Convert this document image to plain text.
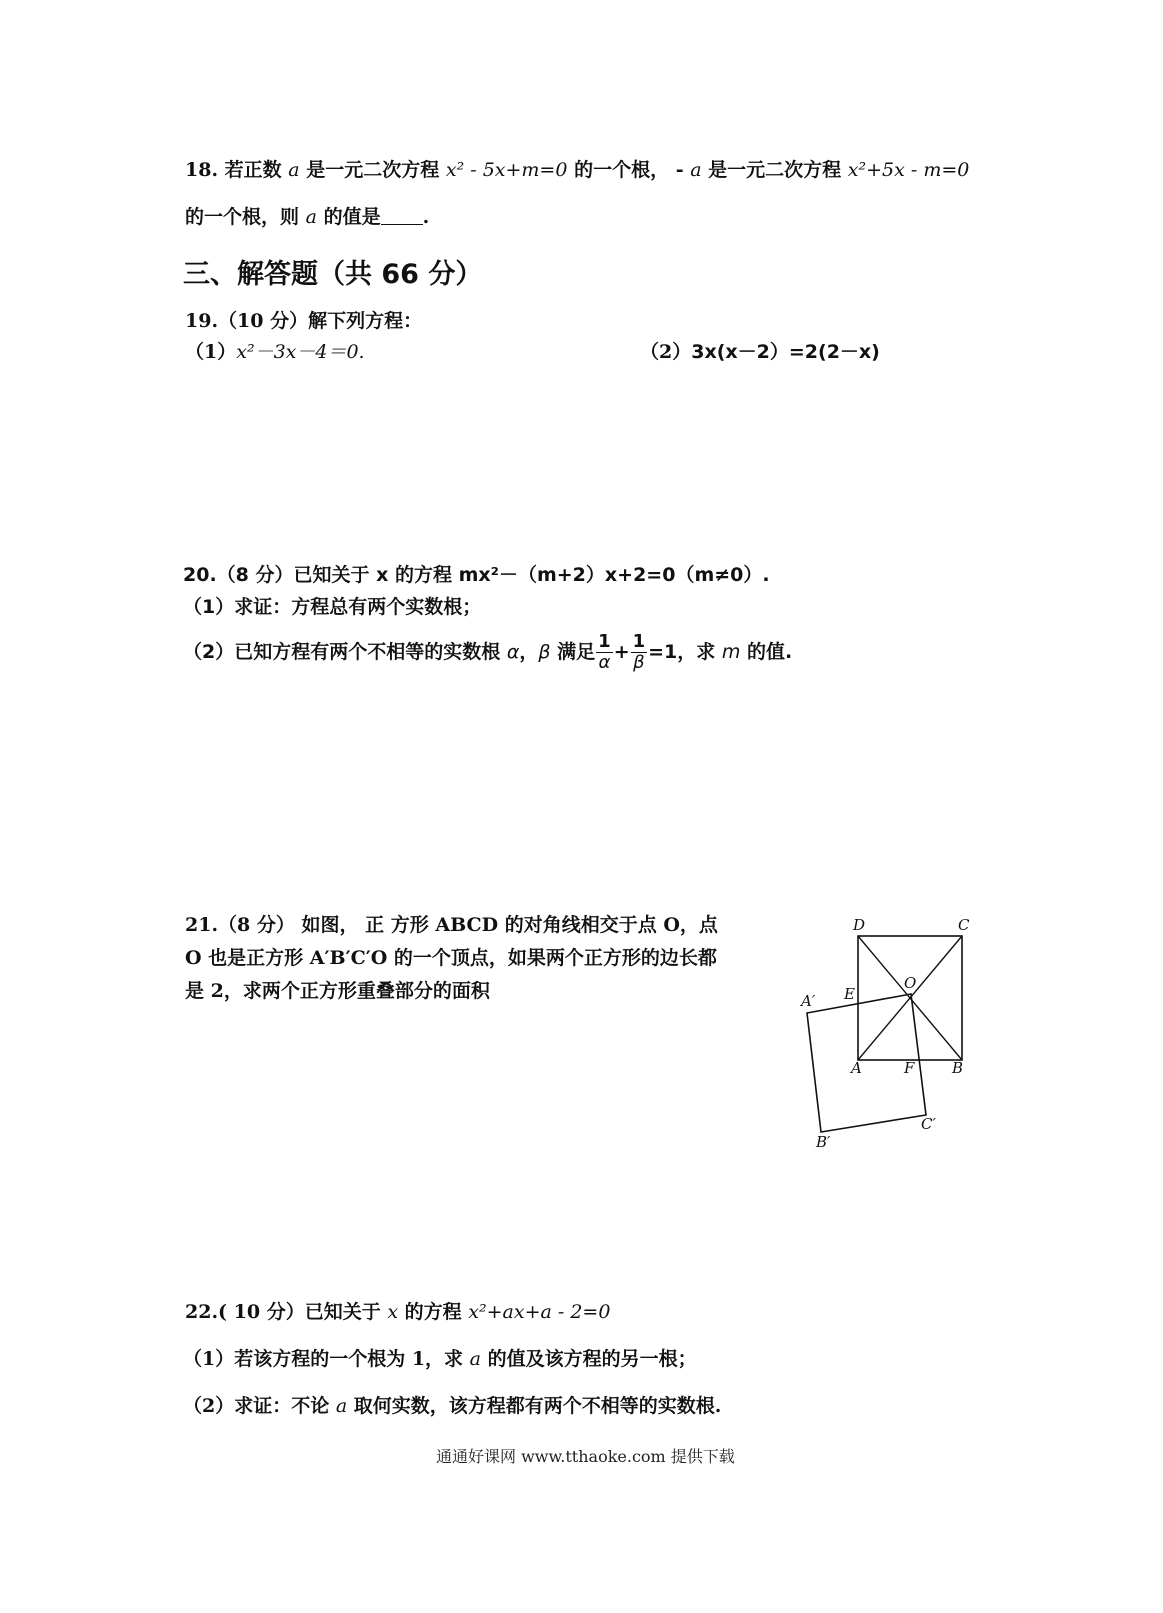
18. 若正数 a 是一元二次方程 x² - 5x+m=0 的一个根， - a 是一元二次方程 x²+5x - m=0
的一个根，则 a 的值是 .
三、解答题（共 66 分）
19.（10 分）解下列方程：
（1）x²－3x－4＝0.	（2）3x(x－2）=2(2－x)
20.（8 分）已知关于 x 的方程 mx²－（m+2）x+2=0（m≠0）.
（1）求证：方程总有两个实数根；
（2）已知方程有两个不相等的实数根 α，β 满足 $\frac{1}{\alpha} + \frac{1}{\beta} =1$，求 m 的值.
21.（8 分） 如图， 正 方形 ABCD 的对角线相交于点 O，点
O 也是正方形 A′B′C′O 的一个顶点，如果两个正方形的边长都
是 2，求两个正方形重叠部分的面积
D	C
E
O
A′
A	F	B
B′
C′
22.( 10 分）已知关于 x 的方程 x²+ax+a - 2=0
（1）若该方程的一个根为 1，求 a 的值及该方程的另一根；
（2）求证：不论 a 取何实数，该方程都有两个不相等的实数根.
通通好课网 www.tthaoke.com 提供下载
